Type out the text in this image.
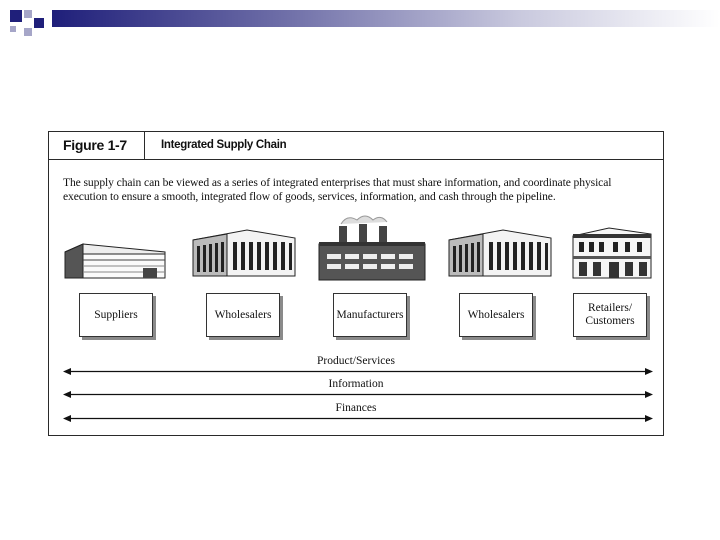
Figure 1-7	Integrated Supply Chain
The supply chain can be viewed as a series of integrated enterprises that must share information, and coordinate physical execution to ensure a smooth, integrated flow of goods, services, information, and cash through the pipeline.
Suppliers	Wholesalers	Manufacturers	Wholesalers
Retailers/
Customers
Product/Services
Information
Finances
